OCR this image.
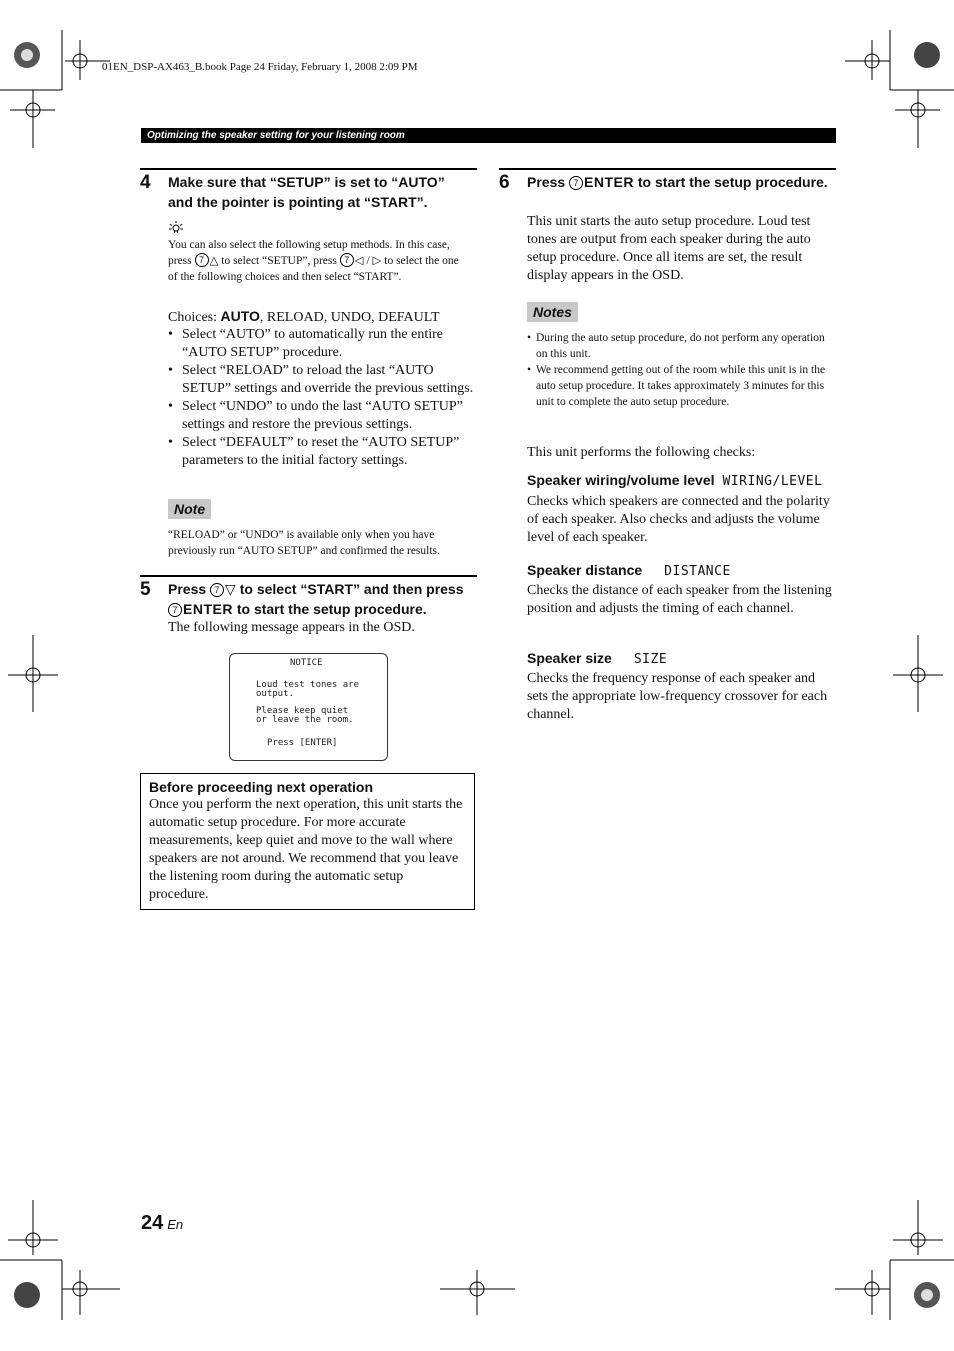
01EN_DSP-AX463_B.book Page 24 Friday, February 1, 2008 2:09 PM
Optimizing the speaker setting for your listening room
4 Make sure that “SETUP” is set to “AUTO” and the pointer is pointing at “START”.
You can also select the following setup methods. In this case, press 7 △ to select “SETUP”, press 7 ◁ / ▷ to select the one of the following choices and then select “START”.
Choices: AUTO, RELOAD, UNDO, DEFAULT
• Select “AUTO” to automatically run the entire “AUTO SETUP” procedure.
• Select “RELOAD” to reload the last “AUTO SETUP” settings and override the previous settings.
• Select “UNDO” to undo the last “AUTO SETUP” settings and restore the previous settings.
• Select “DEFAULT” to reset the “AUTO SETUP” parameters to the initial factory settings.
Note
“RELOAD” or “UNDO” is available only when you have previously run “AUTO SETUP” and confirmed the results.
5 Press 7 ▽ to select “START” and then press 7 ENTER to start the setup procedure.
The following message appears in the OSD.
NOTICE
Loud test tones are
output.
Please keep quiet
or leave the room.
Press [ENTER]
Before proceeding next operation
Once you perform the next operation, this unit starts the automatic setup procedure. For more accurate measurements, keep quiet and move to the wall where speakers are not around. We recommend that you leave the listening room during the automatic setup procedure.
6 Press 7 ENTER to start the setup procedure.
This unit starts the auto setup procedure. Loud test tones are output from each speaker during the auto setup procedure. Once all items are set, the result display appears in the OSD.
Notes
• During the auto setup procedure, do not perform any operation on this unit.
• We recommend getting out of the room while this unit is in the auto setup procedure. It takes approximately 3 minutes for this unit to complete the auto setup procedure.
This unit performs the following checks:
Speaker wiring/volume level WIRING/LEVEL
Checks which speakers are connected and the polarity of each speaker. Also checks and adjusts the volume level of each speaker.
Speaker distance DISTANCE
Checks the distance of each speaker from the listening position and adjusts the timing of each channel.
Speaker size SIZE
Checks the frequency response of each speaker and sets the appropriate low-frequency crossover for each channel.
24 En
